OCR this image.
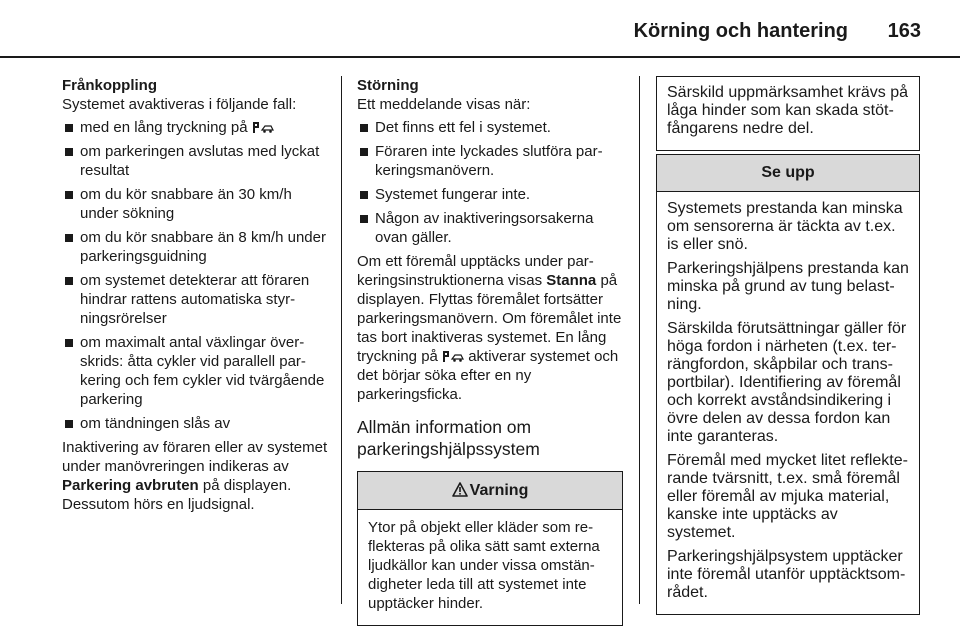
Körning och hantering 163

Frånkoppling

Systemet avaktiveras i följande fall:

med en lång tryckning på
om parkeringen avslutas med lyckat resultat
om du kör snabbare än 30 km/h under sökning
om du kör snabbare än 8 km/h under parkeringsguidning
om systemet detekterar att föraren hindrar rattens automatiska styrningsrörelser
om maximalt antal växlingar överskrids: åtta cykler vid parallell parkering och fem cykler vid tvärgående parkering
om tändningen slås av

Inaktivering av föraren eller av systemet under manövreringen indikeras av Parkering avbruten på displayen. Dessutom hörs en ljudsignal.

Störning

Ett meddelande visas när:

Det finns ett fel i systemet.
Föraren inte lyckades slutföra parkeringsmanövern.
Systemet fungerar inte.
Någon av inaktiveringsorsakerna ovan gäller.

Om ett föremål upptäcks under parkeringsinstruktionerna visas Stanna på displayen. Flyttas föremålet fortsätter parkeringsmanövern. Om föremålet inte tas bort inaktiveras systemet. En lång tryckning på  aktiverar systemet och det börjar söka efter en ny parkeringsficka.

Allmän information om parkeringshjälpssystem
Varning

Ytor på objekt eller kläder som reflekteras på olika sätt samt externa ljudkällor kan under vissa omständigheter leda till att systemet inte upptäcker hinder.

Särskild uppmärksamhet krävs på låga hinder som kan skada stötfångarens nedre del.

Se upp

Systemets prestanda kan minska om sensorerna är täckta av t.ex. is eller snö.

Parkeringshjälpens prestanda kan minska på grund av tung belastning.

Särskilda förutsättningar gäller för höga fordon i närheten (t.ex. terrängfordon, skåpbilar och transportbilar). Identifiering av föremål och korrekt avståndsindikering i övre delen av dessa fordon kan inte garanteras.

Föremål med mycket litet reflekterande tvärsnitt, t.ex. små föremål eller föremål av mjuka material, kanske inte upptäcks av systemet.

Parkeringshjälpsystem upptäcker inte föremål utanför upptäcktsområdet.
